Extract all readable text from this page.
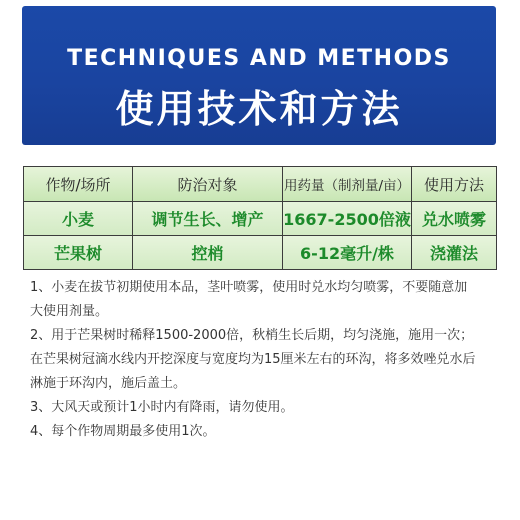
TECHNIQUES AND METHODS
使用技术和方法
作物/场所	防治对象	用药量（制剂量/亩） 使用方法
小麦	调节生长、增产	1667-2500倍液 兑水喷雾
芒果树	控梢	6-12毫升/株	浇灌法

1、小麦在拔节初期使用本品，茎叶喷雾，使用时兑水均匀喷雾，不要随意加

大使用剂量。

2、用于芒果树时稀释1500-2000倍，秋梢生长后期，均匀浇施，施用一次；

在芒果树冠滴水线内开挖深度与宽度均为15厘米左右的环沟，将多效唑兑水后

淋施于环沟内，施后盖土。

3、大风天或预计1小时内有降雨，请勿使用。

4、每个作物周期最多使用1次。
